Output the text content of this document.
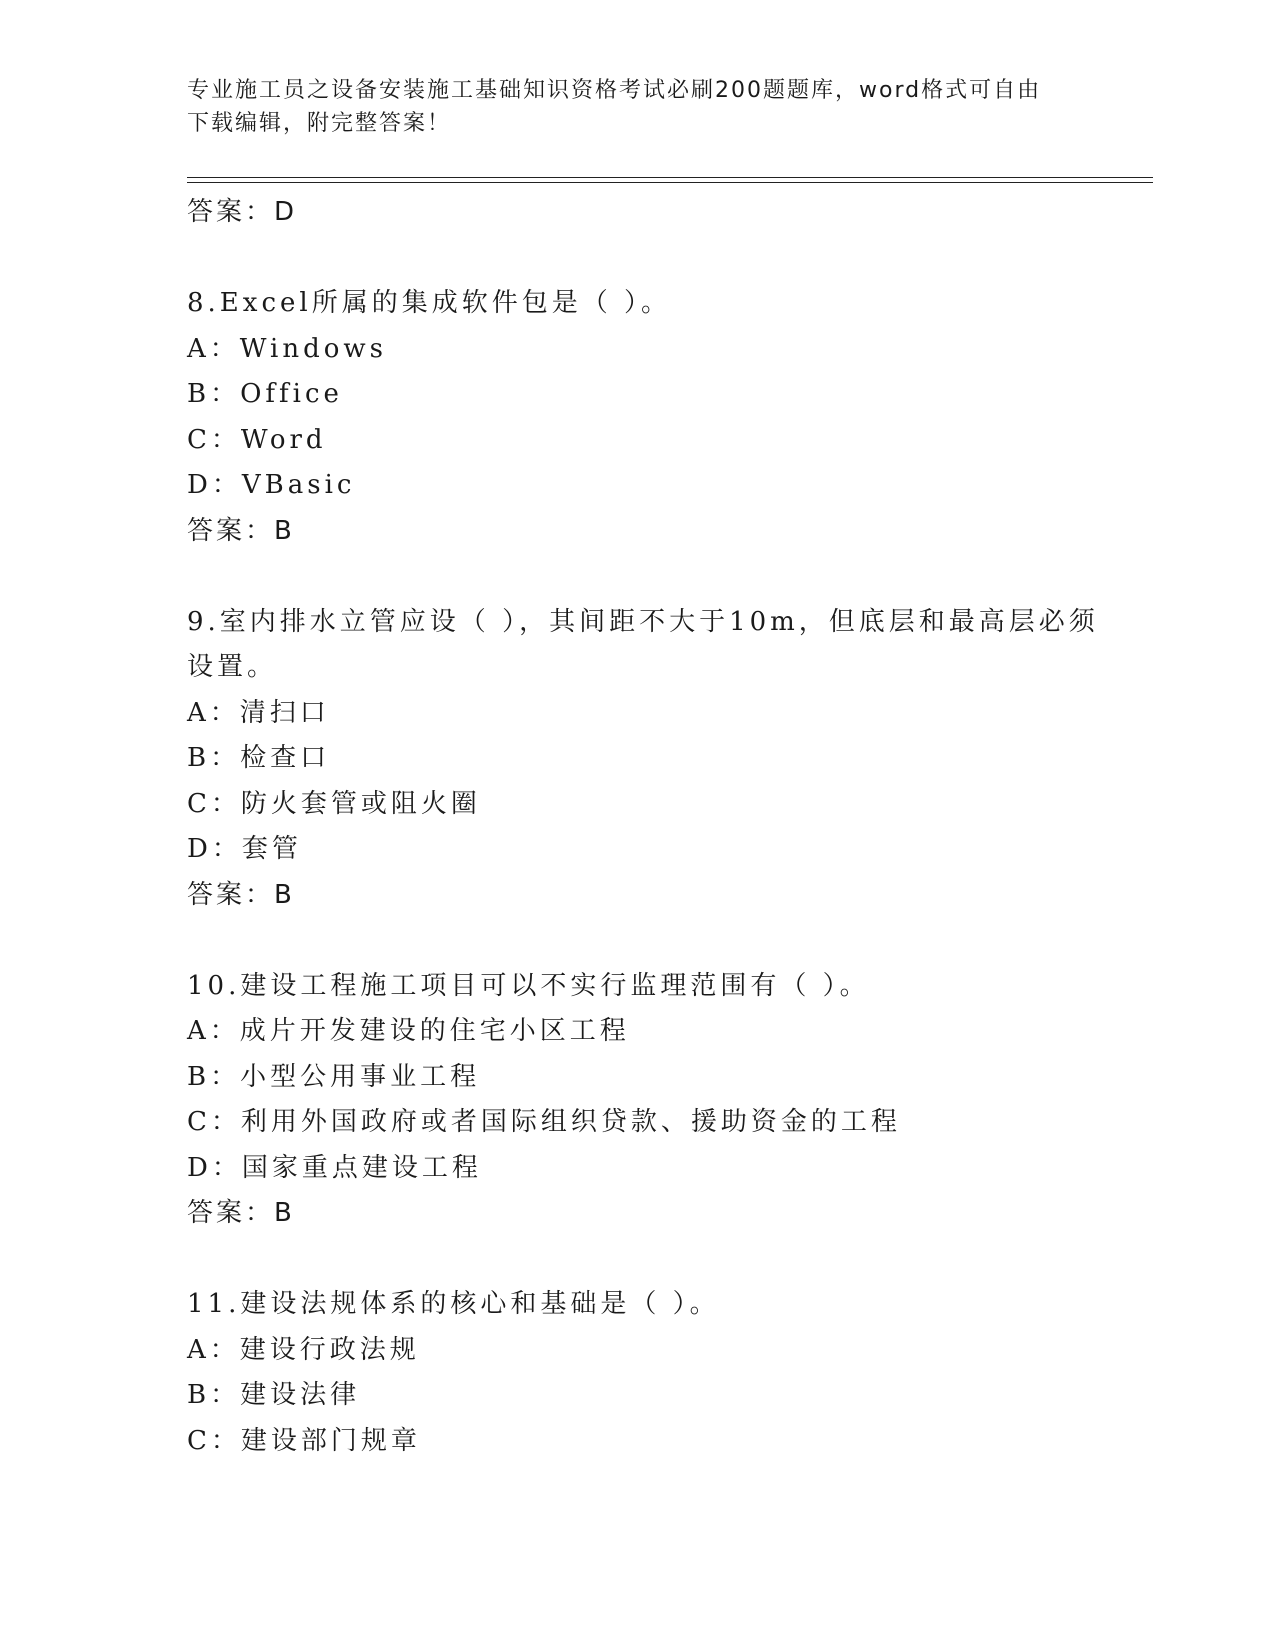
专业施工员之设备安装施工基础知识资格考试必刷200题题库，word格式可自由
下载编辑，附完整答案！
答案：D
8.Excel所属的集成软件包是（ ）。
A：Windows
B：Office
C：Word
D：VBasic
答案：B
9.室内排水立管应设（ ），其间距不大于10m，但底层和最高层必须
设置。
A：清扫口
B：检查口
C：防火套管或阻火圈
D：套管
答案：B
10.建设工程施工项目可以不实行监理范围有（ ）。
A：成片开发建设的住宅小区工程
B：小型公用事业工程
C：利用外国政府或者国际组织贷款、援助资金的工程
D：国家重点建设工程
答案：B
11.建设法规体系的核心和基础是（ ）。
A：建设行政法规
B：建设法律
C：建设部门规章
